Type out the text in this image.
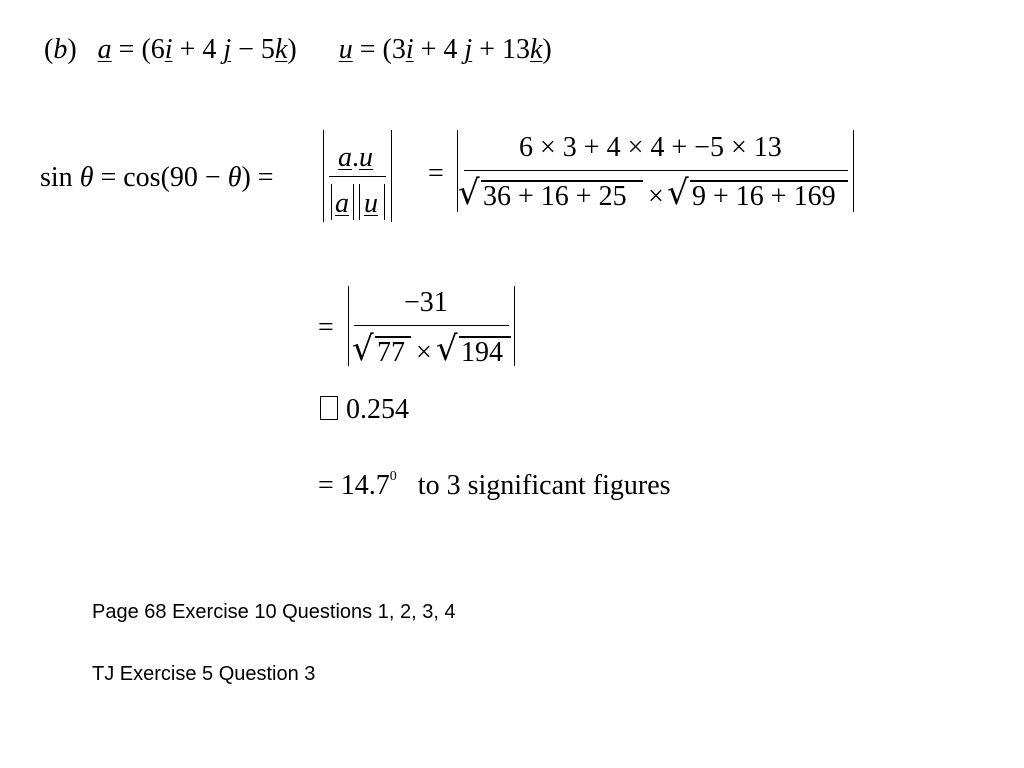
(b) a = (6i + 4 j − 5k) u = (3i + 4 j + 13k)
sin θ = cos(90 − θ) =
a.u
a u
=
6 × 3 + 4 × 4 + −5 × 13
√ 36 + 16 + 25 × √ 9 + 16 + 169
=
−31
√ 77 × √ 194
0.254
= $14.7^0$ to 3 significant figures
Page 68 Exercise 10 Questions 1, 2, 3, 4
TJ Exercise 5 Question 3
